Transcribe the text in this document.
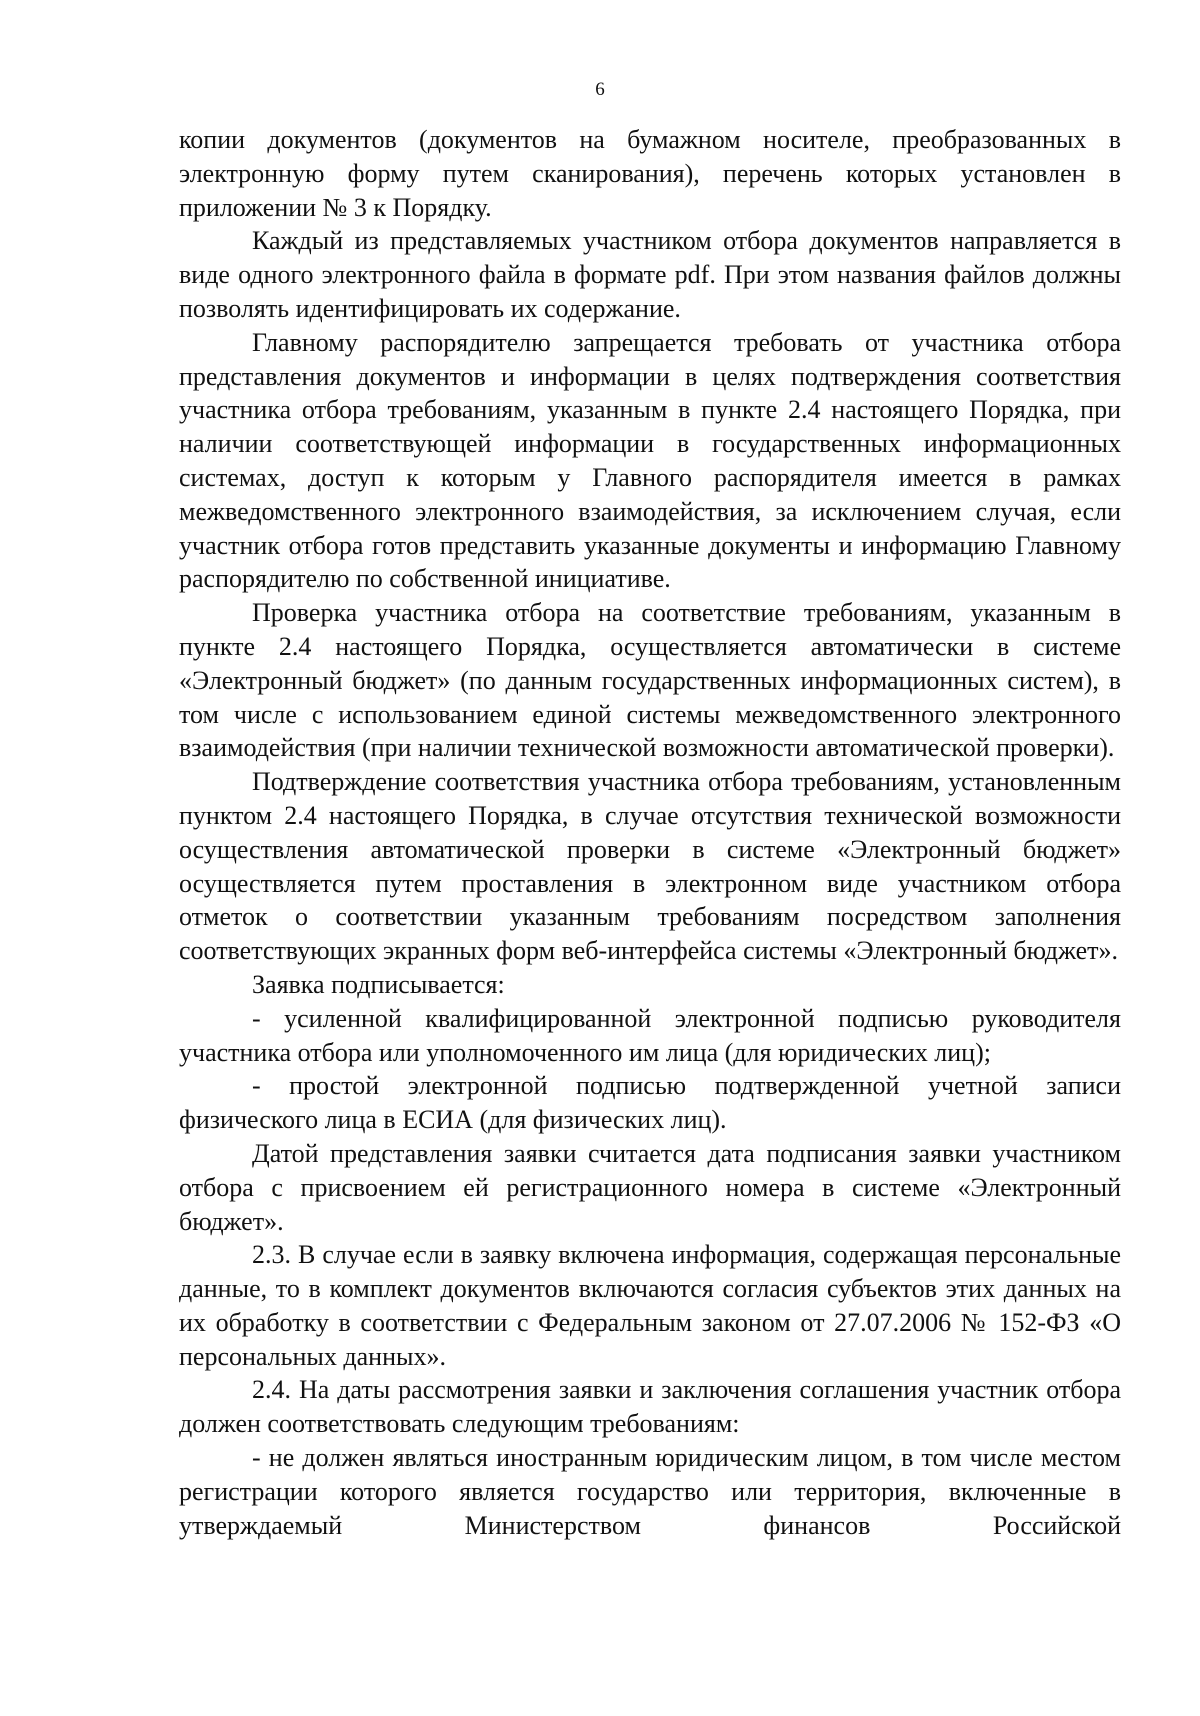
6

копии документов (документов на бумажном носителе, преобразованных в электронную форму путем сканирования), перечень которых установлен в приложении № 3 к Порядку.

Каждый из представляемых участником отбора документов направляется в виде одного электронного файла в формате pdf. При этом названия файлов должны позволять идентифицировать их содержание.

Главному распорядителю запрещается требовать от участника отбора представления документов и информации в целях подтверждения соответствия участника отбора требованиям, указанным в пункте 2.4 настоящего Порядка, при наличии соответствующей информации в государственных информационных системах, доступ к которым у Главного распорядителя имеется в рамках межведомственного электронного взаимодействия, за исключением случая, если участник отбора готов представить указанные документы и информацию Главному распорядителю по собственной инициативе.

Проверка участника отбора на соответствие требованиям, указанным в пункте 2.4 настоящего Порядка, осуществляется автоматически в системе «Электронный бюджет» (по данным государственных информационных систем), в том числе с использованием единой системы межведомственного электронного взаимодействия (при наличии технической возможности автоматической проверки).

Подтверждение соответствия участника отбора требованиям, установленным пунктом 2.4 настоящего Порядка, в случае отсутствия технической возможности осуществления автоматической проверки в системе «Электронный бюджет» осуществляется путем проставления в электронном виде участником отбора отметок о соответствии указанным требованиям посредством заполнения соответствующих экранных форм веб-интерфейса системы «Электронный бюджет».

Заявка подписывается:

- усиленной квалифицированной электронной подписью руководителя участника отбора или уполномоченного им лица (для юридических лиц);

- простой электронной подписью подтвержденной учетной записи физического лица в ЕСИА (для физических лиц).

Датой представления заявки считается дата подписания заявки участником отбора с присвоением ей регистрационного номера в системе «Электронный бюджет».

2.3. В случае если в заявку включена информация, содержащая персональные данные, то в комплект документов включаются согласия субъектов этих данных на их обработку в соответствии с Федеральным законом от 27.07.2006 № 152-ФЗ «О персональных данных».

2.4. На даты рассмотрения заявки и заключения соглашения участник отбора должен соответствовать следующим требованиям:

- не должен являться иностранным юридическим лицом, в том числе местом регистрации которого является государство или территория, включенные в утверждаемый Министерством финансов Российской
